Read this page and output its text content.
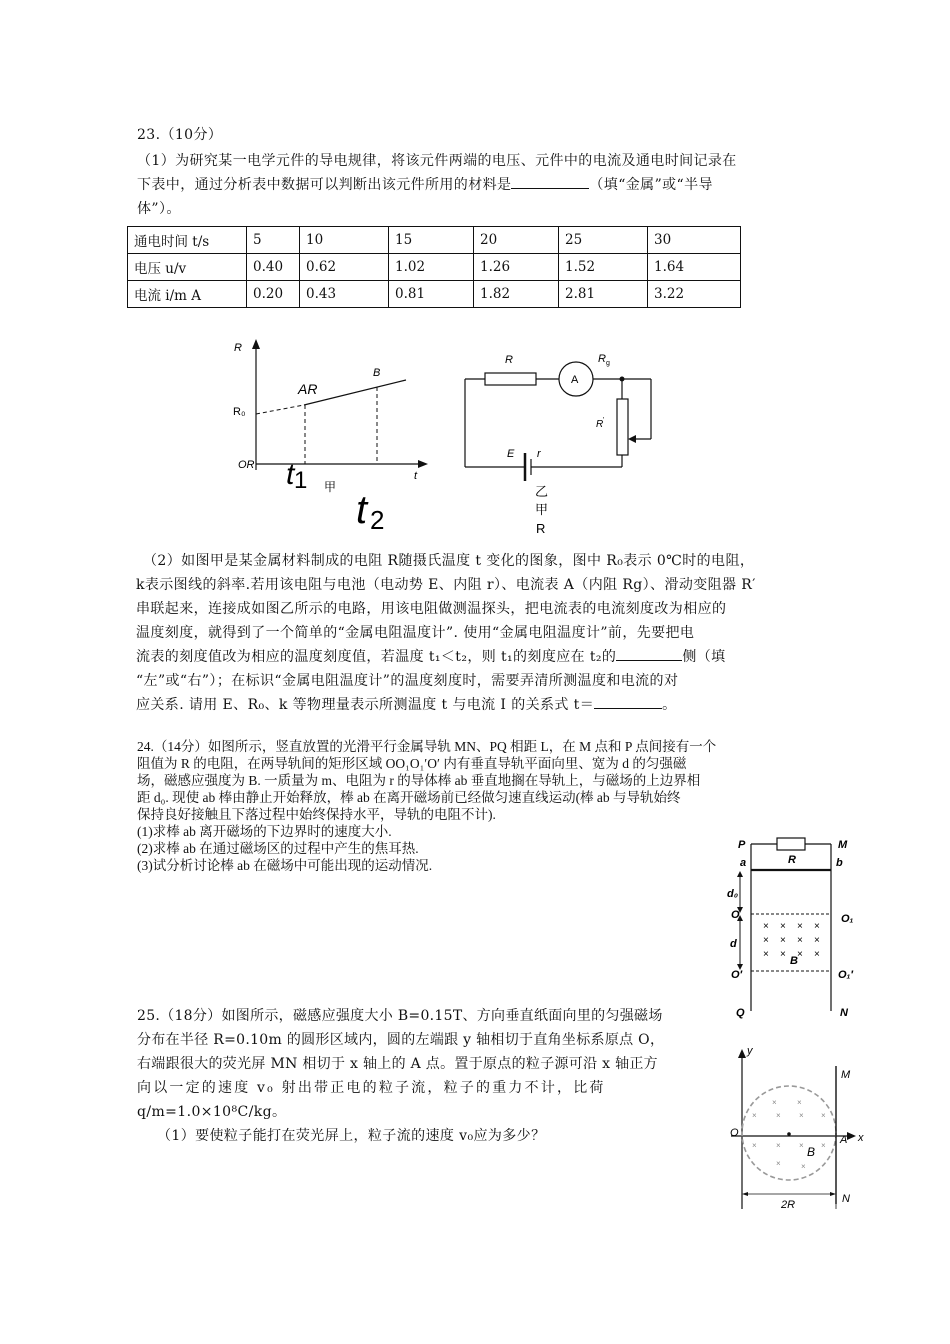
23.（10分）
（1）为研究某一电学元件的导电规律，将该元件两端的电压、元件中的电流及通电时间记录在
下表中，通过分析表中数据可以判断出该元件所用的材料是	（填“金属”或“半导
体”）。
通电时间 t/s	5	10	15	20	25	30
电压 u/v	0.40	0.62	1.02	1.26	1.52	1.64
电流 i/m A	0.20	0.43	0.81	1.82	2.81	3.22
R
AR
B
R₀
OR t 1 甲
t
t 2
R
A
R g
R '
E r
乙
甲
R
（2）如图甲是某金属材料制成的电阻 R随摄氏温度 t 变化的图象，图中 R₀表示 0℃时的电阻，
k表示图线的斜率.若用该电阻与电池（电动势 E、内阻 r）、电流表 A（内阻 Rg）、滑动变阻器 R′
串联起来，连接成如图乙所示的电路，用该电阻做测温探头，把电流表的电流刻度改为相应的
温度刻度，就得到了一个简单的“金属电阻温度计”. 使用“金属电阻温度计”前，先要把电
流表的刻度值改为相应的温度刻度值，若温度 t₁＜t₂，则 t₁的刻度应在 t₂的	侧（填
“左”或“右”）；在标识“金属电阻温度计”的温度刻度时，需要弄清所测温度和电流的对
应关系. 请用 E、R₀、k 等物理量表示所测温度 t 与电流 I 的关系式 t＝	。
24.（14分）如图所示，竖直放置的光滑平行金属导轨 MN、PQ 相距 L，在 M 点和 P 点间接有一个
阻值为 R 的电阻，在两导轨间的矩形区域 OO₁O₁′O′ 内有垂直导轨平面向里、宽为 d 的匀强磁
场，磁感应强度为 B. 一质量为 m、电阻为 r 的导体棒 ab 垂直地搁在导轨上，与磁场的上边界相
距 d₀. 现使 ab 棒由静止开始释放，棒 ab 在离开磁场前已经做匀速直线运动(棒 ab 与导轨始终
保持良好接触且下落过程中始终保持水平，导轨的电阻不计).
(1)求棒 ab 离开磁场的下边界时的速度大小.
(2)求棒 ab 在通过磁场区的过程中产生的焦耳热.
(3)试分析讨论棒 ab 在磁场中可能出现的运动情况.
× × × ×
× × × ×
× × × ×
P	M
R
a	b
d₀
O	O₁
d
B
O′	O₁′
Q	N
25.（18分）如图所示，磁感应强度大小 B=0.15T、方向垂直纸面向里的匀强磁场
分布在半径 R=0.10m 的圆形区域内，圆的左端跟 y 轴相切于直角坐标系原点 O，
右端跟很大的荧光屏 MN 相切于 x 轴上的 A 点。置于原点的粒子源可沿 x 轴正方
向以一定的速度 v₀ 射出带正电的粒子流，粒子的重力不计，比荷
q/m=1.0×10⁸C/kg。
（1）要使粒子能打在荧光屏上，粒子流的速度 v₀应为多少？
×	×
× × × ×
× × × ×
×	×
y
M
O
A x
B
2R	N
